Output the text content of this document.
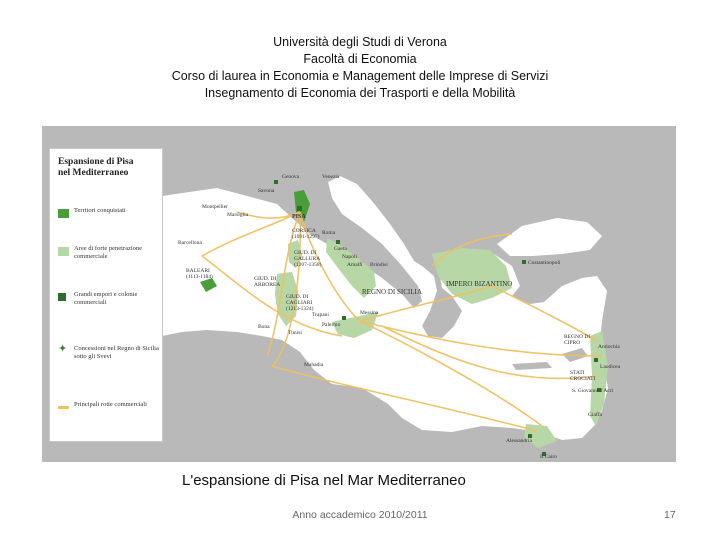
Università degli Studi di Verona
Facoltà di Economia
Corso di laurea in Economia e Management delle Imprese di Servizi
Insegnamento di Economia dei Trasporti e della Mobilità
PISA
Genova
Savona
Venezia
Marsiglia
Montpellier
Barcellona
BALEARI (1113-1184)
CORSICA (1091-1297)
GIUD. DI GALLURA (1207-1358)
GIUD. DI ARBOREA
GIUD. DI CAGLIARI (1213-1324)
Roma
Gaeta
Napoli
Amalfi Brindisi
Palermo
Messina
Trapani
REGNO DI SICILIA
Bona
Tunisi
Mahadia
Costantinopoli
IMPERO BIZANTINO
REGNO DI CIPRO
STATI CROCIATI
Laodicea
Antiochia
S. Giovanni d'Acri
Alessandria
Il Cairo
Giaffa
Espansione di Pisa
nel Mediterraneo
Territori conquistati
Aree di forte penetrazione commerciale
Grandi empori e colonie commerciali
✦ Concessioni nel Regno di Sicilia sotto gli Svevi
Principali rotte commerciali
L'espansione di Pisa nel Mar Mediterraneo
Anno accademico 2010/2011	17
